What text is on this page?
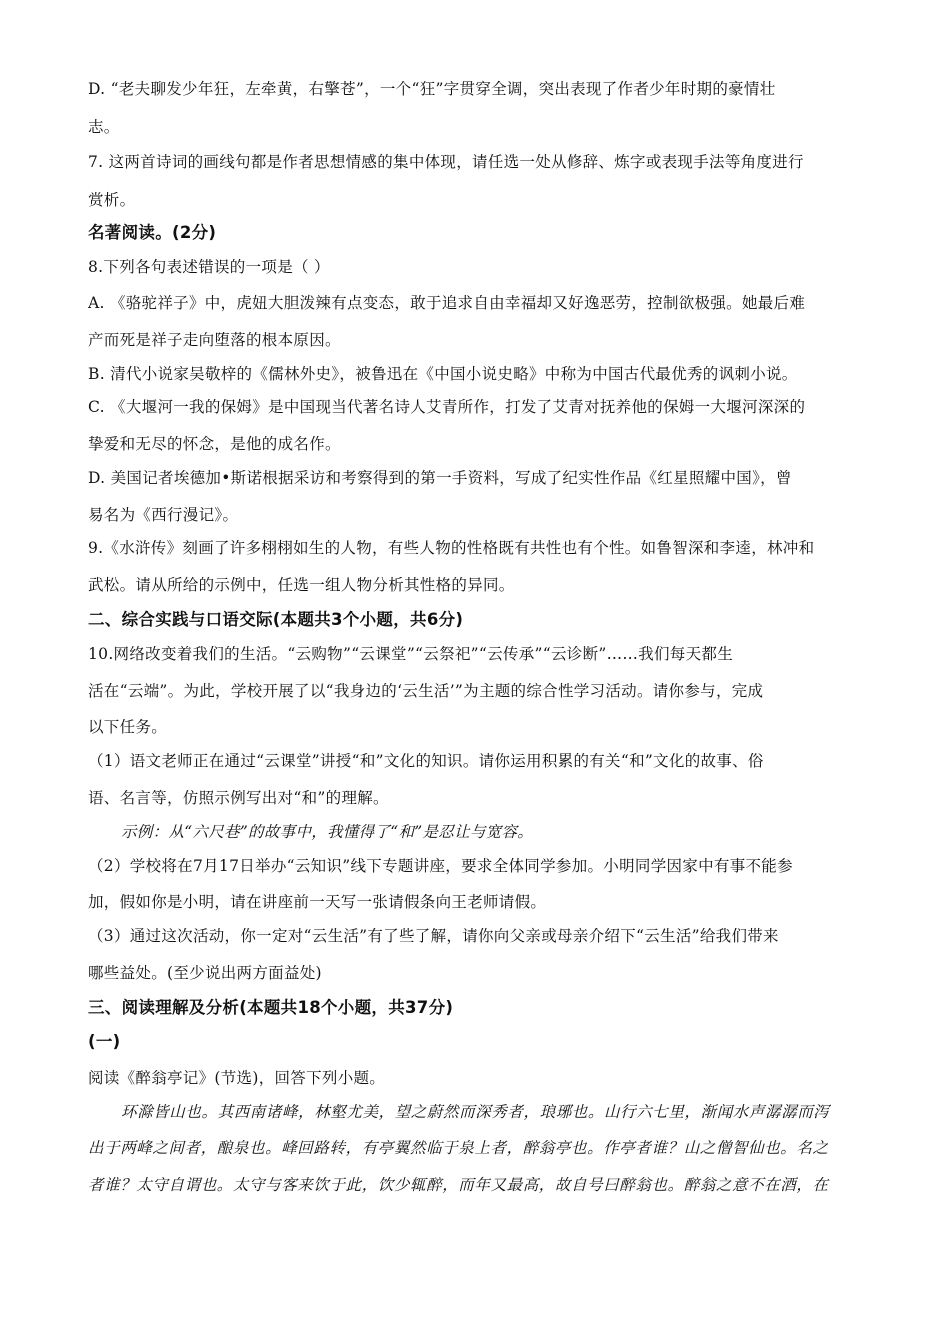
D. “老夫聊发少年狂，左牵黄，右擎苍”，一个“狂”字贯穿全调，突出表现了作者少年时期的豪情壮
志。
7. 这两首诗词的画线句都是作者思想情感的集中体现，请任选一处从修辞、炼字或表现手法等角度进行
赏析。
名著阅读。(2分)
8.下列各句表述错误的一项是（ ）
A. 《骆驼祥子》中，虎妞大胆泼辣有点变态，敢于追求自由幸福却又好逸恶劳，控制欲极强。她最后难
产而死是祥子走向堕落的根本原因。
B. 清代小说家吴敬梓的《儒林外史》，被鲁迅在《中国小说史略》中称为中国古代最优秀的讽刺小说。
C. 《大堰河一我的保姆》是中国现当代著名诗人艾青所作，打发了艾青对抚养他的保姆一大堰河深深的
挚爱和无尽的怀念，是他的成名作。
D. 美国记者埃德加•斯诺根据采访和考察得到的第一手资料，写成了纪实性作品《红星照耀中国》，曾
易名为《西行漫记》。
9.《水浒传》刻画了许多栩栩如生的人物，有些人物的性格既有共性也有个性。如鲁智深和李逵，林冲和
武松。请从所给的示例中，任选一组人物分析其性格的异同。
二、综合实践与口语交际(本题共3个小题，共6分)
10.网络改变着我们的生活。“云购物”“云课堂”“云祭祀”“云传承”“云诊断”……我们每天都生
活在“云端”。为此，学校开展了以“我身边的‘云生活’”为主题的综合性学习活动。请你参与，完成
以下任务。
（1）语文老师正在通过“云课堂”讲授“和”文化的知识。请你运用积累的有关“和”文化的故事、俗
语、名言等，仿照示例写出对“和”的理解。
示例：从“六尺巷”的故事中，我懂得了“和”是忍让与宽容。
（2）学校将在7月17日举办“云知识”线下专题讲座，要求全体同学参加。小明同学因家中有事不能参
加，假如你是小明，请在讲座前一天写一张请假条向王老师请假。
（3）通过这次活动，你一定对“云生活”有了些了解，请你向父亲或母亲介绍下“云生活”给我们带来
哪些益处。(至少说出两方面益处)
三、阅读理解及分析(本题共18个小题，共37分)
(一)
阅读《醉翁亭记》(节选)，回答下列小题。
环滁皆山也。其西南诸峰，林壑尤美，望之蔚然而深秀者，琅琊也。山行六七里，渐闻水声潺潺而泻
出于两峰之间者，酿泉也。峰回路转，有亭翼然临于泉上者，醉翁亭也。作亭者谁？山之僧智仙也。名之
者谁？太守自谓也。太守与客来饮于此，饮少辄醉，而年又最高，故自号曰醉翁也。醉翁之意不在酒，在
